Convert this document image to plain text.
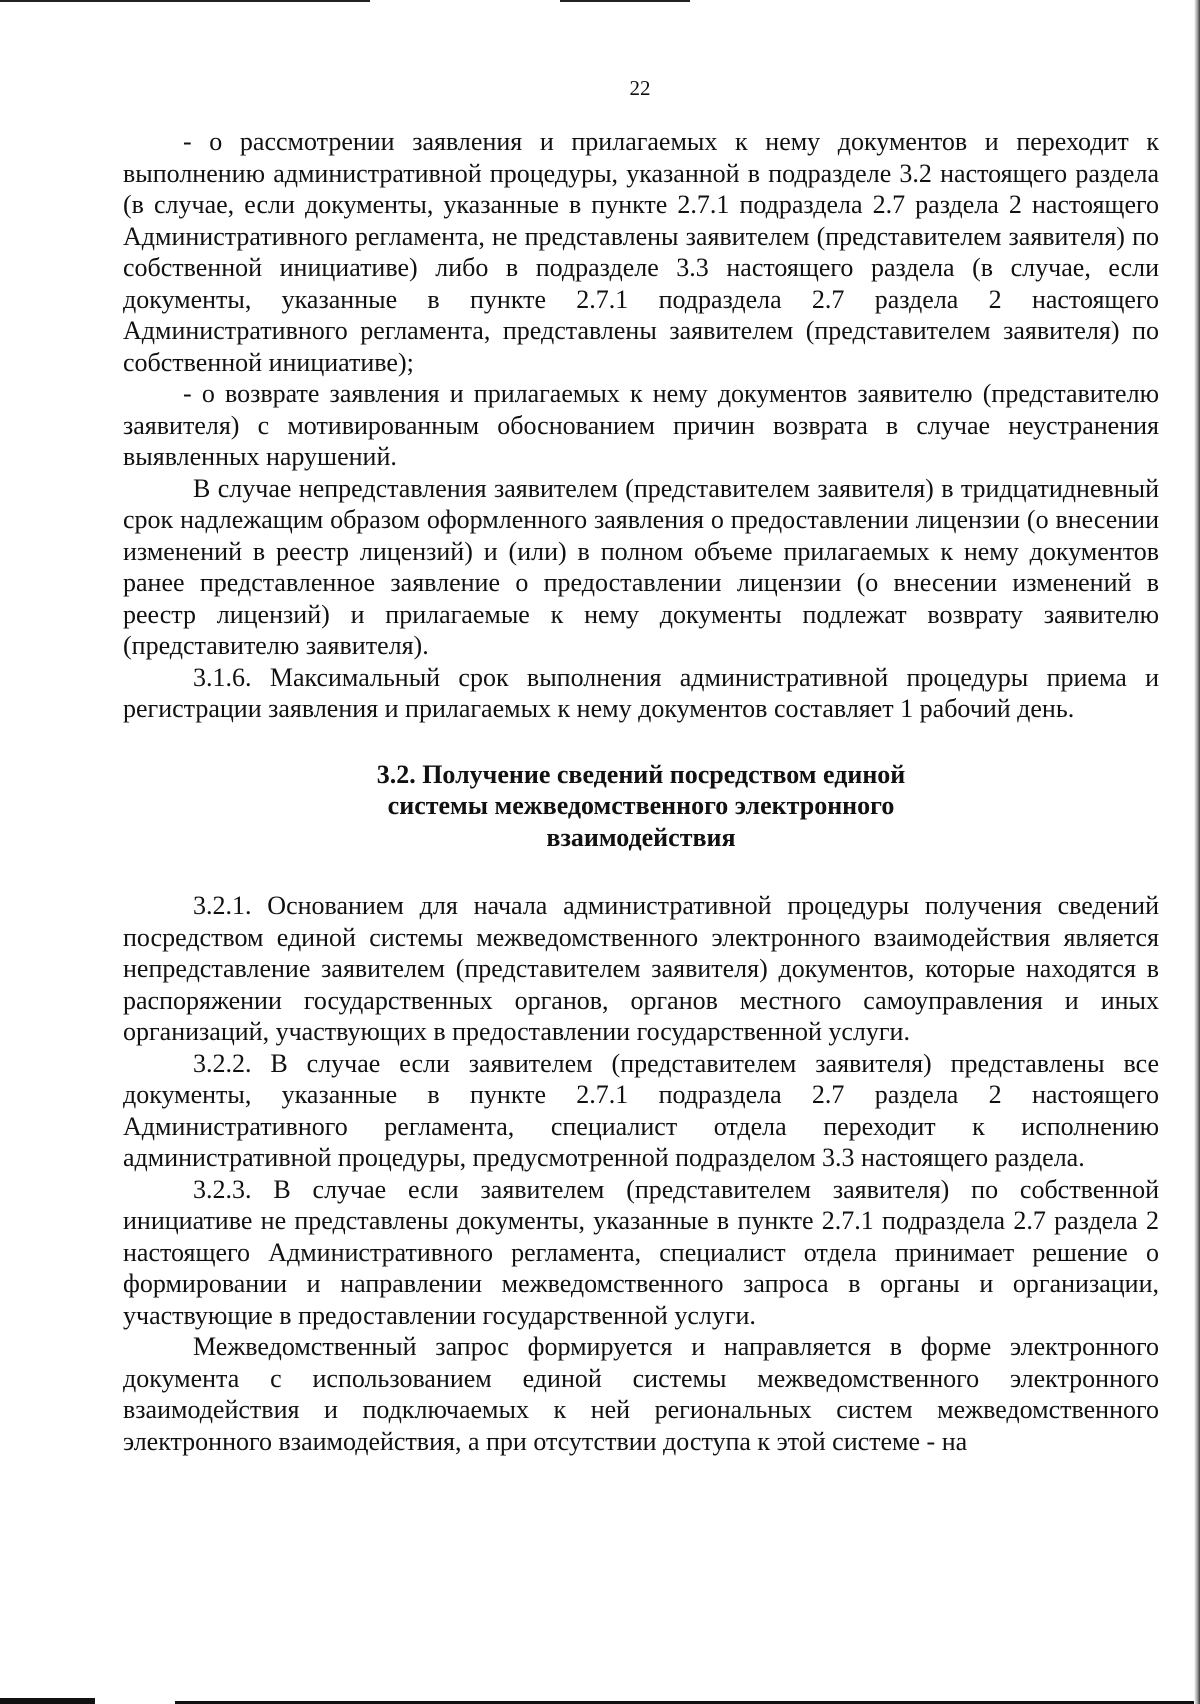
22

- о рассмотрении заявления и прилагаемых к нему документов и переходит к выполнению административной процедуры, указанной в подразделе 3.2 настоящего раздела (в случае, если документы, указанные в пункте 2.7.1 подраздела 2.7 раздела 2 настоящего Административного регламента, не представлены заявителем (представителем заявителя) по собственной инициативе) либо в подразделе 3.3 настоящего раздела (в случае, если документы, указанные в пункте 2.7.1 подраздела 2.7 раздела 2 настоящего Административного регламента, представлены заявителем (представителем заявителя) по собственной инициативе);

- о возврате заявления и прилагаемых к нему документов заявителю (представителю заявителя) с мотивированным обоснованием причин возврата в случае неустранения выявленных нарушений.

В случае непредставления заявителем (представителем заявителя) в тридцатидневный срок надлежащим образом оформленного заявления о предоставлении лицензии (о внесении изменений в реестр лицензий) и (или) в полном объеме прилагаемых к нему документов ранее представленное заявление о предоставлении лицензии (о внесении изменений в реестр лицензий) и прилагаемые к нему документы подлежат возврату заявителю (представителю заявителя).

3.1.6. Максимальный срок выполнения административной процедуры приема и регистрации заявления и прилагаемых к нему документов составляет 1 рабочий день.

3.2. Получение сведений посредством единой
системы межведомственного электронного
взаимодействия

3.2.1. Основанием для начала административной процедуры получения сведений посредством единой системы межведомственного электронного взаимодействия является непредставление заявителем (представителем заявителя) документов, которые находятся в распоряжении государственных органов, органов местного самоуправления и иных организаций, участвующих в предоставлении государственной услуги.

3.2.2. В случае если заявителем (представителем заявителя) представлены все документы, указанные в пункте 2.7.1 подраздела 2.7 раздела 2 настоящего Административного регламента, специалист отдела переходит к исполнению административной процедуры, предусмотренной подразделом 3.3 настоящего раздела.

3.2.3. В случае если заявителем (представителем заявителя) по собственной инициативе не представлены документы, указанные в пункте 2.7.1 подраздела 2.7 раздела 2 настоящего Административного регламента, специалист отдела принимает решение о формировании и направлении межведомственного запроса в органы и организации, участвующие в предоставлении государственной услуги.

Межведомственный запрос формируется и направляется в форме электронного документа с использованием единой системы межведомственного электронного взаимодействия и подключаемых к ней региональных систем межведомственного электронного взаимодействия, а при отсутствии доступа к этой системе - на
